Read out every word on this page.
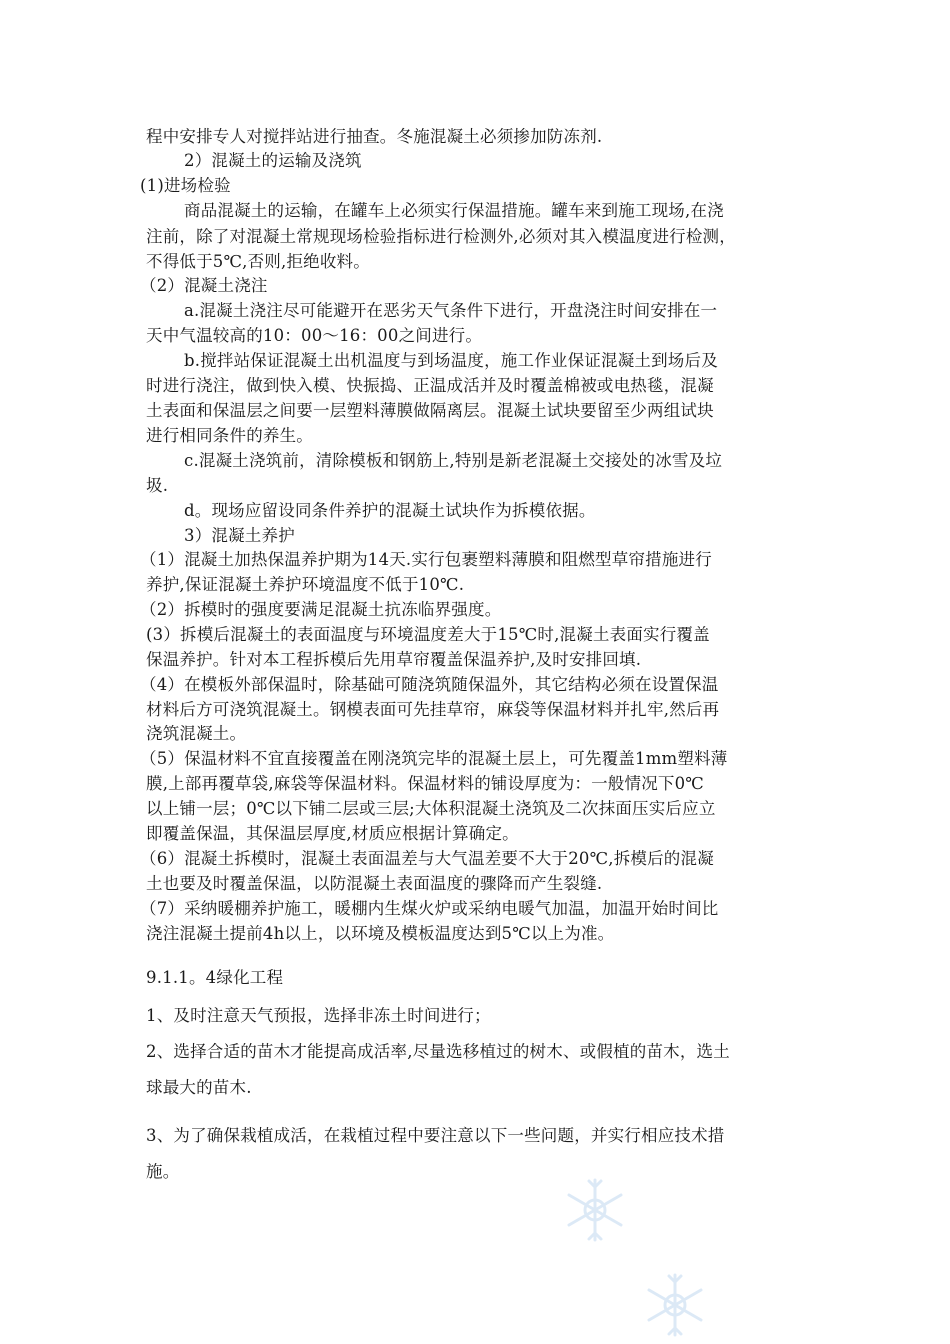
程中安排专人对搅拌站进行抽查。冬施混凝土必须掺加防冻剂.
2）混凝土的运输及浇筑
(1)进场检验
商品混凝土的运输，在罐车上必须实行保温措施。罐车来到施工现场,在浇
注前，除了对混凝土常规现场检验指标进行检测外,必须对其入模温度进行检测，
不得低于5℃,否则,拒绝收料。
（2）混凝土浇注
a.混凝土浇注尽可能避开在恶劣天气条件下进行，开盘浇注时间安排在一
天中气温较高的10：00～16：00之间进行。
b.搅拌站保证混凝土出机温度与到场温度，施工作业保证混凝土到场后及
时进行浇注，做到快入模、快振捣、正温成活并及时覆盖棉被或电热毯，混凝
土表面和保温层之间要一层塑料薄膜做隔离层。混凝土试块要留至少两组试块
进行相同条件的养生。
c.混凝土浇筑前，清除模板和钢筋上,特别是新老混凝土交接处的冰雪及垃
圾.
d。现场应留设同条件养护的混凝土试块作为拆模依据。
3）混凝土养护
（1）混凝土加热保温养护期为14天.实行包裹塑料薄膜和阻燃型草帘措施进行
养护,保证混凝土养护环境温度不低于10℃.
（2）拆模时的强度要满足混凝土抗冻临界强度。
(3）拆模后混凝土的表面温度与环境温度差大于15℃时,混凝土表面实行覆盖
保温养护。针对本工程拆模后先用草帘覆盖保温养护,及时安排回填.
（4）在模板外部保温时，除基础可随浇筑随保温外，其它结构必须在设置保温
材料后方可浇筑混凝土。钢模表面可先挂草帘，麻袋等保温材料并扎牢,然后再
浇筑混凝土。
（5）保温材料不宜直接覆盖在刚浇筑完毕的混凝土层上，可先覆盖1mm塑料薄
膜,上部再覆草袋,麻袋等保温材料。保温材料的铺设厚度为：一般情况下0℃
以上铺一层；0℃以下铺二层或三层;大体积混凝土浇筑及二次抹面压实后应立
即覆盖保温，其保温层厚度,材质应根据计算确定。
（6）混凝土拆模时，混凝土表面温差与大气温差要不大于20℃,拆模后的混凝
土也要及时覆盖保温，以防混凝土表面温度的骤降而产生裂缝.
（7）采纳暖棚养护施工，暖棚内生煤火炉或采纳电暖气加温，加温开始时间比
浇注混凝土提前4h以上，以环境及模板温度达到5℃以上为准。
9.1.1。4绿化工程
1、及时注意天气预报，选择非冻土时间进行；
2、选择合适的苗木才能提高成活率,尽量选移植过的树木、或假植的苗木，选土
球最大的苗木.
3、为了确保栽植成活，在栽植过程中要注意以下一些问题，并实行相应技术措
施。
